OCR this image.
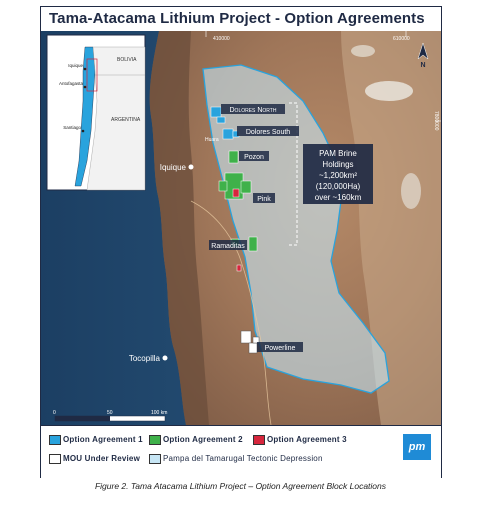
Tama-Atacama Lithium Project - Option Agreements
Dolores North
Dolores South
Pozon
Pink
Ramaditas
Powerline
Iquique
Tocopilla
Huara
PAM Brine
Holdings
~1,200km²
(120,000Ha)
over ~160km
410000	610000
7800000
N
0	50	100 km
BOLIVIA
ARGENTINA
Iquique
Antofagasta
Santiago
Option Agreement 1	Option Agreement 2	Option Agreement 3
MOU Under Review	Pampa del Tamarugal Tectonic Depression
pm
Figure 2. Tama Atacama Lithium Project – Option Agreement Block Locations
